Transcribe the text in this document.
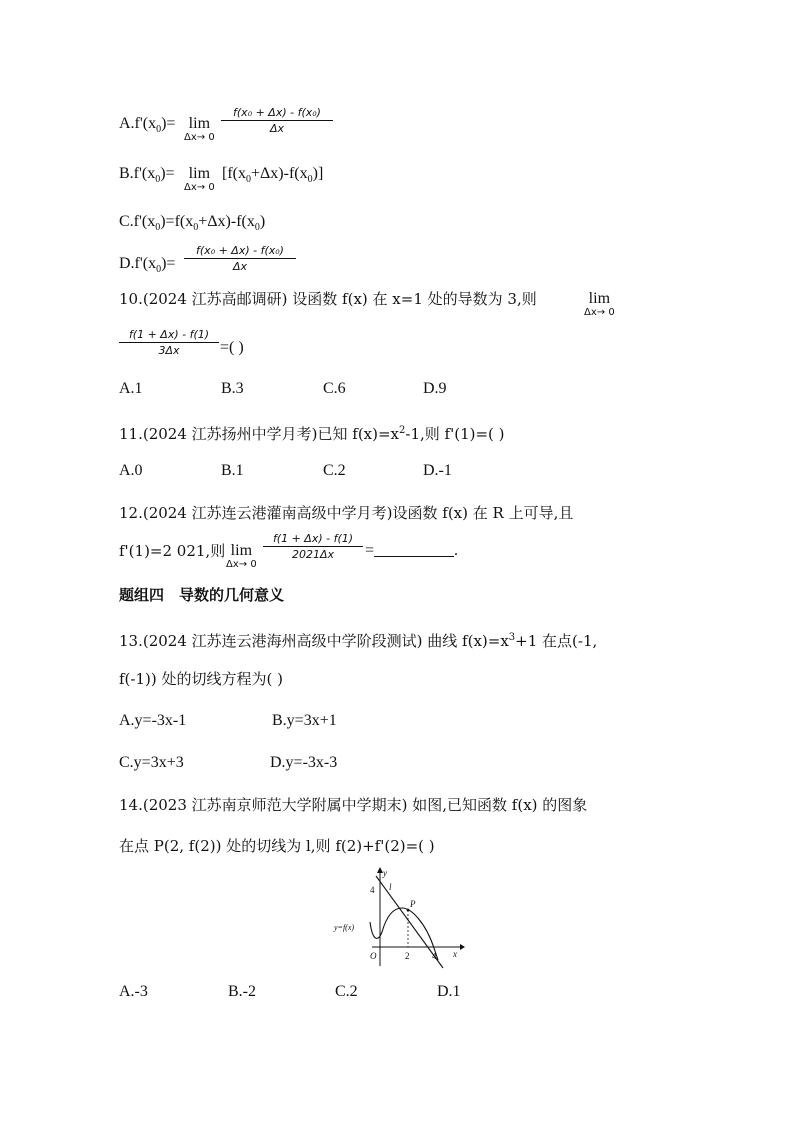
$A.f'(x_0)= \lim$
Δx→ 0
f(x₀ + Δx) - f(x₀)
Δx
$B.f'(x_0)= \lim$
Δx→ 0
$[f(x_0+\Delta x)-f(x_0)]$
$C.f'(x_0)=f(x_0+\Delta x)-f(x_0)$
$D.f'(x_0)=$
f(x₀ + Δx) - f(x₀)
Δx
10.(2024 江苏高邮调研) 设函数 f(x) 在 x=1 处的导数为 3,则	lim
Δx→ 0
f(1 + Δx) - f(1)
3Δx	=( )
A.1	B.3	C.6	D.9
11.(2024 江苏扬州中学月考)已知 $f(x)=x^2-1$,则 f'(1)=( )
A.0	B.1	C.2	D.-1
12.(2024 江苏连云港灌南高级中学月考)设函数 f(x) 在 R 上可导,且
f'(1)=2 021,则 lim
Δx→ 0
f(1 + Δx) - f(1)
2021Δx	=	.
题组四　导数的几何意义
13.(2024 江苏连云港海州高级中学阶段测试) 曲线 $f(x)=x^3+1$ 在点(-1,
f(-1)) 处的切线方程为( )
A.y=-3x-1	B.y=3x+1
C.y=3x+3	D.y=-3x-3
14.(2023 江苏南京师范大学附属中学期末) 如图,已知函数 f(x) 的图象
在点 P(2, f(2)) 处的切线为 l,则 f(2)+f'(2)=( )
y
x
O
4
2	4
l
P
y=f(x)
A.-3	B.-2	C.2	D.1
